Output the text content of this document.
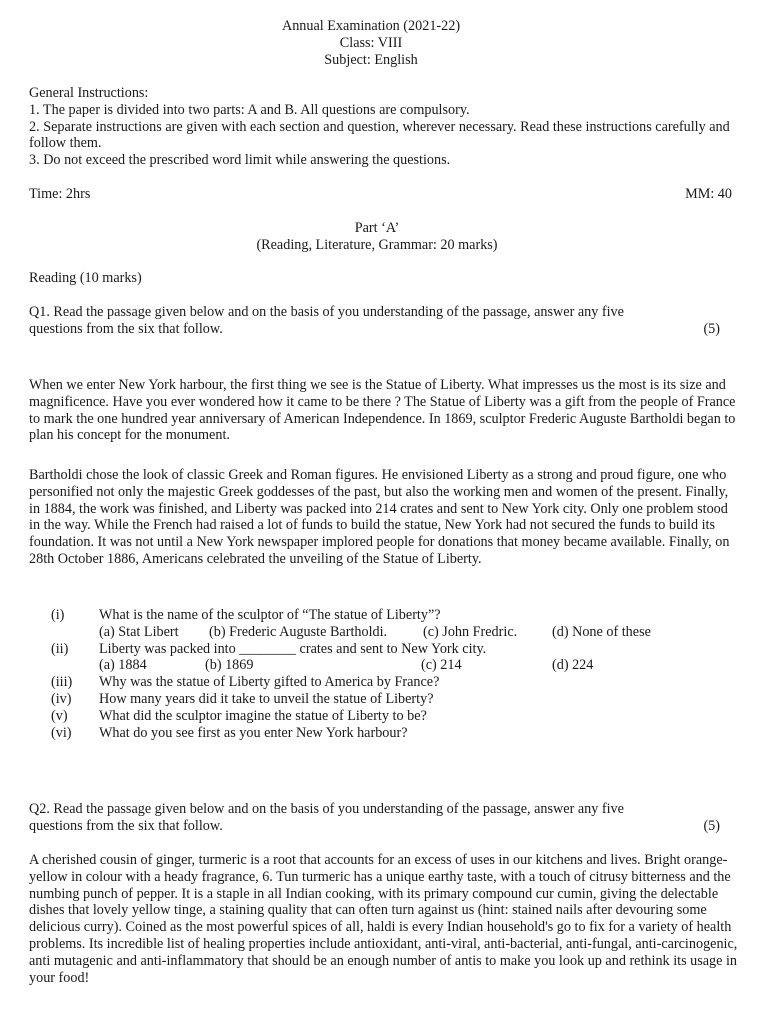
Annual Examination (2021-22)
Class: VIII
Subject: English
General Instructions:
1. The paper is divided into two parts: A and B. All questions are compulsory.
2. Separate instructions are given with each section and question, wherever necessary. Read these instructions carefully and follow them.
3. Do not exceed the prescribed word limit while answering the questions.
Time: 2hrs	MM: 40
Part ‘A’
(Reading, Literature, Grammar: 20 marks)
Reading (10 marks)
Q1. Read the passage given below and on the basis of you understanding of the passage, answer any five
questions from the six that follow.	(5)

When we enter New York harbour, the first thing we see is the Statue of Liberty. What impresses us the most is its size and magnificence. Have you ever wondered how it came to be there ? The Statue of Liberty was a gift from the people of France to mark the one hundred year anniversary of American Independence. In 1869, sculptor Frederic Auguste Bartholdi began to plan his concept for the monument.

Bartholdi chose the look of classic Greek and Roman figures. He envisioned Liberty as a strong and proud figure, one who personified not only the majestic Greek goddesses of the past, but also the working men and women of the present. Finally, in 1884, the work was finished, and Liberty was packed into 214 crates and sent to New York city. Only one problem stood in the way. While the French had raised a lot of funds to build the statue, New York had not secured the funds to build its foundation. It was not until a New York newspaper implored people for donations that money became available. Finally, on 28th October 1886, Americans celebrated the unveiling of the Statue of Liberty.

(i) What is the name of the sculptor of “The statue of Liberty”?
(a) Stat Libert (b) Frederic Auguste Bartholdi.	(c) John Fredric. (d) None of these
(ii) Liberty was packed into ________ crates and sent to New York city.
(a) 1884	(b) 1869	(c) 214	(d) 224
(iii) Why was the statue of Liberty gifted to America by France?
(iv) How many years did it take to unveil the statue of Liberty?
(v) What did the sculptor imagine the statue of Liberty to be?
(vi) What do you see first as you enter New York harbour?
Q2. Read the passage given below and on the basis of you understanding of the passage, answer any five
questions from the six that follow.	(5)

A cherished cousin of ginger, turmeric is a root that accounts for an excess of uses in our kitchens and lives. Bright orange-yellow in colour with a heady fragrance, 6. Tun turmeric has a unique earthy taste, with a touch of citrusy bitterness and the numbing punch of pepper. It is a staple in all Indian cooking, with its primary compound cur cumin, giving the delectable dishes that lovely yellow tinge, a staining quality that can often turn against us (hint: stained nails after devouring some delicious curry). Coined as the most powerful spices of all, haldi is every Indian household's go to fix for a variety of health problems. Its incredible list of healing properties include antioxidant, anti-viral, anti-bacterial, anti-fungal, anti-carcinogenic, anti mutagenic and anti-inflammatory that should be an enough number of antis to make you look up and rethink its usage in your food!
